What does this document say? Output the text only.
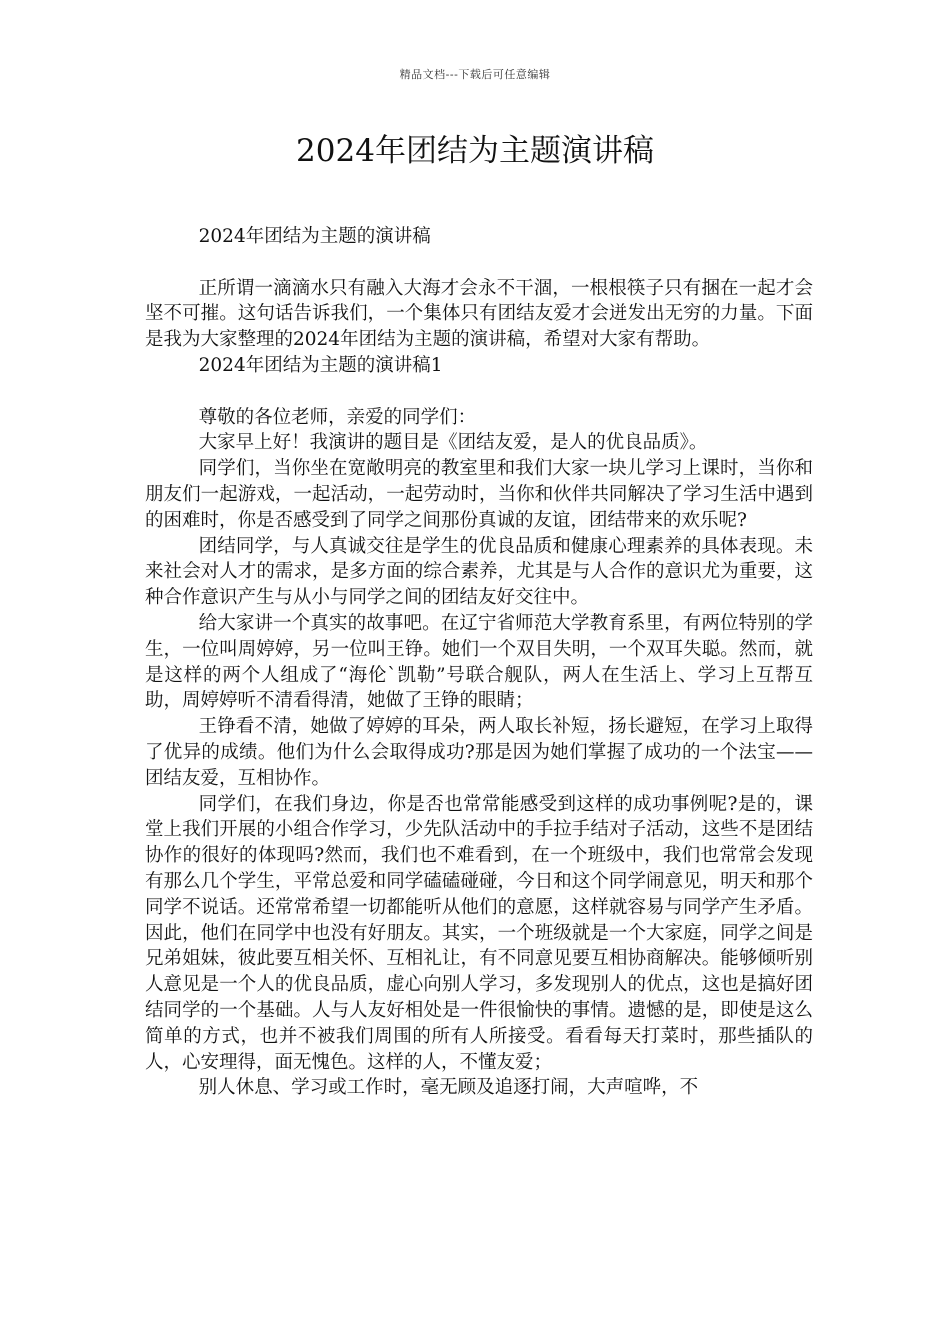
精品文档---下载后可任意编辑
2024年团结为主题演讲稿

2024年团结为主题的演讲稿

正所谓一滴滴水只有融入大海才会永不干涸，一根根筷子只有捆在一起才会坚不可摧。这句话告诉我们，一个集体只有团结友爱才会迸发出无穷的力量。下面是我为大家整理的2024年团结为主题的演讲稿，希望对大家有帮助。

2024年团结为主题的演讲稿1

尊敬的各位老师，亲爱的同学们：

大家早上好！我演讲的题目是《团结友爱，是人的优良品质》。

同学们，当你坐在宽敞明亮的教室里和我们大家一块儿学习上课时，当你和朋友们一起游戏，一起活动，一起劳动时，当你和伙伴共同解决了学习生活中遇到的困难时，你是否感受到了同学之间那份真诚的友谊，团结带来的欢乐呢?

团结同学，与人真诚交往是学生的优良品质和健康心理素养的具体表现。未来社会对人才的需求，是多方面的综合素养，尤其是与人合作的意识尤为重要，这种合作意识产生与从小与同学之间的团结友好交往中。

给大家讲一个真实的故事吧。在辽宁省师范大学教育系里，有两位特别的学生，一位叫周婷婷，另一位叫王铮。她们一个双目失明，一个双耳失聪。然而，就是这样的两个人组成了“海伦`凯勒”号联合舰队，两人在生活上、学习上互帮互助，周婷婷听不清看得清，她做了王铮的眼睛；

王铮看不清，她做了婷婷的耳朵，两人取长补短，扬长避短，在学习上取得了优异的成绩。他们为什么会取得成功?那是因为她们掌握了成功的一个法宝——团结友爱，互相协作。

同学们，在我们身边，你是否也常常能感受到这样的成功事例呢?是的，课堂上我们开展的小组合作学习，少先队活动中的手拉手结对子活动，这些不是团结协作的很好的体现吗?然而，我们也不难看到，在一个班级中，我们也常常会发现有那么几个学生，平常总爱和同学磕磕碰碰，今日和这个同学闹意见，明天和那个同学不说话。还常常希望一切都能听从他们的意愿，这样就容易与同学产生矛盾。因此，他们在同学中也没有好朋友。其实，一个班级就是一个大家庭，同学之间是兄弟姐妹，彼此要互相关怀、互相礼让，有不同意见要互相协商解决。能够倾听别人意见是一个人的优良品质，虚心向别人学习，多发现别人的优点，这也是搞好团结同学的一个基础。人与人友好相处是一件很愉快的事情。遗憾的是，即使是这么简单的方式，也并不被我们周围的所有人所接受。看看每天打菜时，那些插队的人，心安理得，面无愧色。这样的人，不懂友爱；

别人休息、学习或工作时，毫无顾及追逐打闹，大声喧哗，不
